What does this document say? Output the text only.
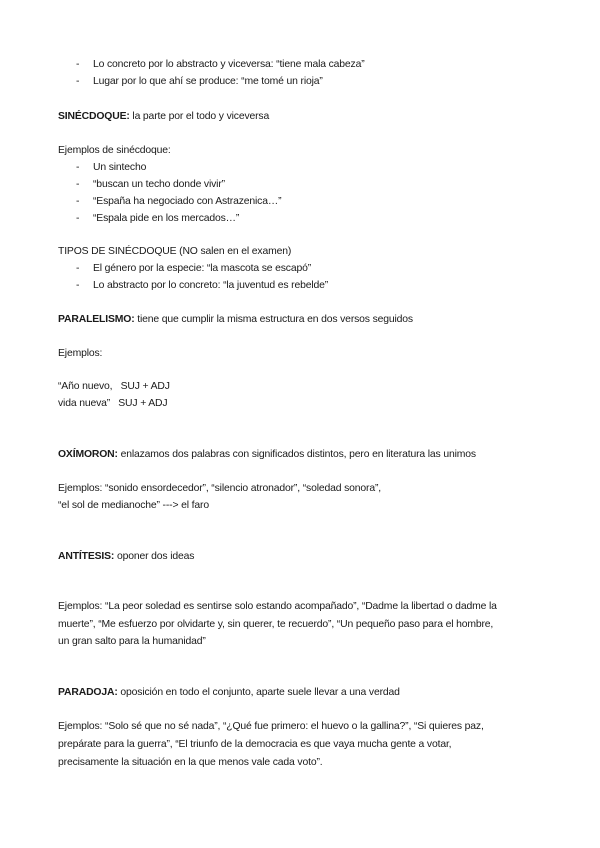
- Lo concreto por lo abstracto y viceversa: “tiene mala cabeza”
- Lugar por lo que ahí se produce: “me tomé un rioja”
SINÉCDOQUE: la parte por el todo y viceversa
Ejemplos de sinécdoque:
- Un sintecho
- “buscan un techo donde vivir”
- “España ha negociado con Astrazenica…”
- “Espala pide en los mercados…”
TIPOS DE SINÉCDOQUE (NO salen en el examen)
- El género por la especie: “la mascota se escapó”
- Lo abstracto por lo concreto: “la juventud es rebelde”
PARALELISMO: tiene que cumplir la misma estructura en dos versos seguidos
Ejemplos:
“Año nuevo,   SUJ + ADJ
vida nueva”   SUJ + ADJ
OXÍMORON: enlazamos dos palabras con significados distintos, pero en literatura las unimos
Ejemplos: “sonido ensordecedor”, “silencio atronador”, “soledad sonora”,
“el sol de medianoche” ---> el faro
ANTÍTESIS: oponer dos ideas
Ejemplos: “La peor soledad es sentirse solo estando acompañado”, “Dadme la libertad o dadme la
muerte”, “Me esfuerzo por olvidarte y, sin querer, te recuerdo”, “Un pequeño paso para el hombre,
un gran salto para la humanidad”
PARADOJA: oposición en todo el conjunto, aparte suele llevar a una verdad
Ejemplos: “Solo sé que no sé nada”, “¿Qué fue primero: el huevo o la gallina?”, “Si quieres paz,
prepárate para la guerra”, “El triunfo de la democracia es que vaya mucha gente a votar,
precisamente la situación en la que menos vale cada voto”.
